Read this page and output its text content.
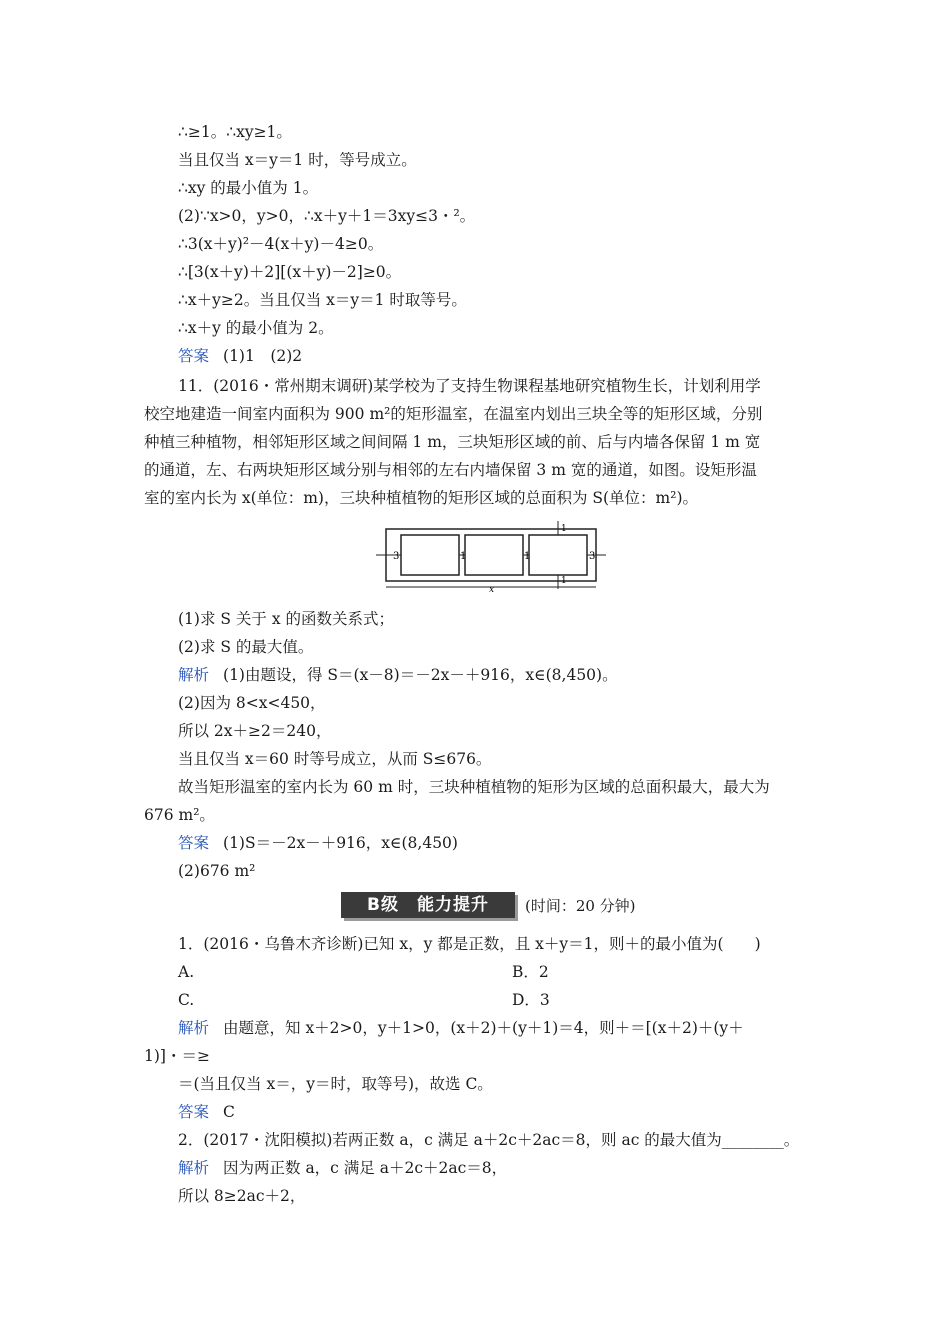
∴≥1。∴xy≥1。
当且仅当 x＝y＝1 时，等号成立。
∴xy 的最小值为 1。
(2)∵x>0，y>0，∴x＋y＋1＝3xy≤3・²。
∴3(x＋y)²－4(x＋y)－4≥0。
∴[3(x＋y)＋2][(x＋y)－2]≥0。
∴x＋y≥2。当且仅当 x＝y＝1 时取等号。
∴x＋y 的最小值为 2。
答案 (1)1　(2)2
11．(2016・常州期末调研)某学校为了支持生物课程基地研究植物生长，计划利用学
校空地建造一间室内面积为 900 m²的矩形温室，在温室内划出三块全等的矩形区域，分别
种植三种植物，相邻矩形区域之间间隔 1 m，三块矩形区域的前、后与内墙各保留 1 m 宽
的通道，左、右两块矩形区域分别与相邻的左右内墙保留 3 m 宽的通道，如图。设矩形温
室的室内长为 x(单位：m)，三块种植植物的矩形区域的总面积为 S(单位：m²)。
3	1	1	3
1
1
x
(1)求 S 关于 x 的函数关系式；
(2)求 S 的最大值。
解析 (1)由题设，得 S＝(x－8)＝－2x－＋916，x∈(8,450)。
(2)因为 8<x<450，
所以 2x＋≥2＝240，
当且仅当 x＝60 时等号成立，从而 S≤676。
故当矩形温室的室内长为 60 m 时，三块种植植物的矩形为区域的总面积最大，最大为
676 m²。
答案 (1)S＝－2x－＋916，x∈(8,450)
(2)676 m²
B级　能力提升	(时间：20 分钟)
1．(2016・乌鲁木齐诊断)已知 x，y 都是正数，且 x＋y＝1，则＋的最小值为(　　)
A.	B．2
C.	D．3
解析 由题意，知 x＋2>0，y＋1>0，(x＋2)＋(y＋1)＝4，则＋＝[(x＋2)＋(y＋
1)]・＝≥
＝(当且仅当 x＝，y＝时，取等号)，故选 C。
答案 C
2．(2017・沈阳模拟)若两正数 a，c 满足 a＋2c＋2ac＝8，则 ac 的最大值为________。
解析 因为两正数 a，c 满足 a＋2c＋2ac＝8，
所以 8≥2ac＋2，
